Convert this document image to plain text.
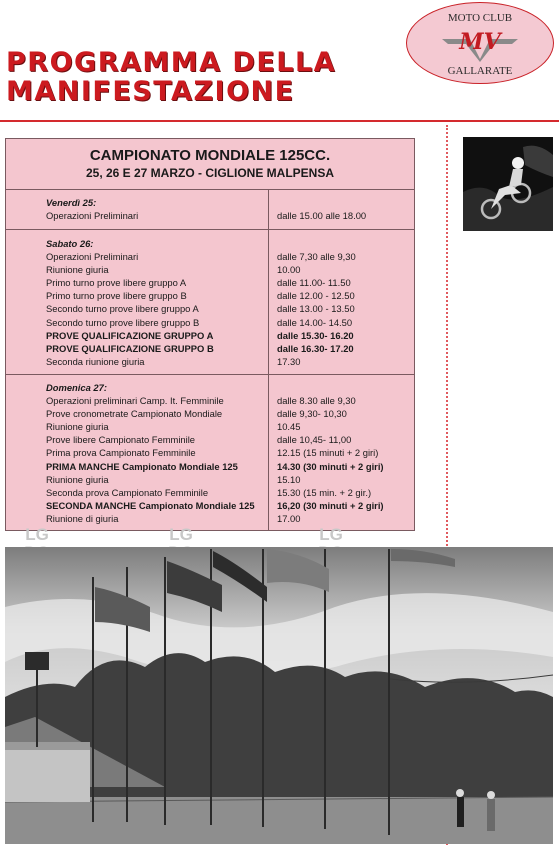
PROGRAMMA DELLA
MANIFESTAZIONE
MOTO CLUB
MV
GALLARATE
CAMPIONATO MONDIALE 125CC.
25, 26 E 27 MARZO - CIGLIONE MALPENSA
LG	LG	LG

Venerdì 25:
Operazioni Preliminari	dalle 15.00 alle 18.00
Sabato 26:
Operazioni Preliminari	dalle 7,30 alle 9,30
Riunione giuria	10.00
Primo turno prove libere gruppo A	dalle 11.00- 11.50
Primo turno prove libere gruppo B	dalle 12.00 - 12.50
Secondo turno prove libere gruppo A	dalle 13.00 - 13.50
Secondo turno prove libere gruppo B	dalle 14.00- 14.50
PROVE QUALIFICAZIONE GRUPPO A	dalle 15.30- 16.20
PROVE QUALIFICAZIONE GRUPPO B	dalle 16.30- 17.20
Seconda riunione giuria	17.30
Domenica 27:
Operazioni preliminari Camp. It. Femminile	dalle 8.30 alle 9,30
Prove cronometrate Campionato Mondiale	dalle 9,30- 10,30
Riunione giuria	10.45
Prove libere Campionato Femminile	dalle 10,45- 11,00
Prima prova Campionato Femminile	12.15 (15 minuti + 2 giri)
PRIMA MANCHE Campionato Mondiale 125	14.30 (30 minuti + 2 giri)
Riunione giuria	15.10
Seconda prova Campionato Femminile	15.30 (15 min. + 2 gir.)
SECONDA MANCHE Campionato Mondiale 125 16,20 (30 minuti + 2 giri)
Riunione di giuria	17.00
